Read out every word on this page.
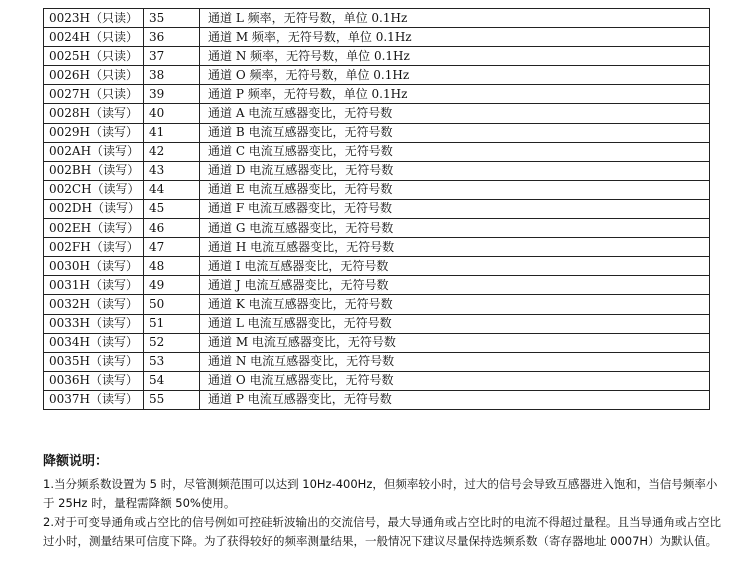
0023H（只读）	35	通道 L 频率，无符号数，单位 0.1Hz
0024H（只读）	36	通道 M 频率，无符号数，单位 0.1Hz
0025H（只读）	37	通道 N 频率，无符号数，单位 0.1Hz
0026H（只读）	38	通道 O 频率，无符号数，单位 0.1Hz
0027H（只读）	39	通道 P 频率，无符号数，单位 0.1Hz
0028H（读写）	40	通道 A 电流互感器变比，无符号数
0029H（读写）	41	通道 B 电流互感器变比，无符号数
002AH（读写）	42	通道 C 电流互感器变比，无符号数
002BH（读写）	43	通道 D 电流互感器变比，无符号数
002CH（读写）	44	通道 E 电流互感器变比，无符号数
002DH（读写）	45	通道 F 电流互感器变比，无符号数
002EH（读写）	46	通道 G 电流互感器变比，无符号数
002FH（读写）	47	通道 H 电流互感器变比，无符号数
0030H（读写）	48	通道 I 电流互感器变比，无符号数
0031H（读写）	49	通道 J 电流互感器变比，无符号数
0032H（读写）	50	通道 K 电流互感器变比，无符号数
0033H（读写）	51	通道 L 电流互感器变比，无符号数
0034H（读写）	52	通道 M 电流互感器变比，无符号数
0035H（读写）	53	通道 N 电流互感器变比，无符号数
0036H（读写）	54	通道 O 电流互感器变比，无符号数
0037H（读写）	55	通道 P 电流互感器变比，无符号数

降额说明：

1.当分频系数设置为 5 时，尽管测频范围可以达到 10Hz-400Hz，但频率较小时，过大的信号会导致互感器进入饱和，当信号频率小于 25Hz 时，量程需降额 50%使用。

2.对于可变导通角或占空比的信号例如可控硅斩波输出的交流信号，最大导通角或占空比时的电流不得超过量程。且当导通角或占空比过小时，测量结果可信度下降。为了获得较好的频率测量结果，一般情况下建议尽量保持选频系数（寄存器地址 0007H）为默认值。
